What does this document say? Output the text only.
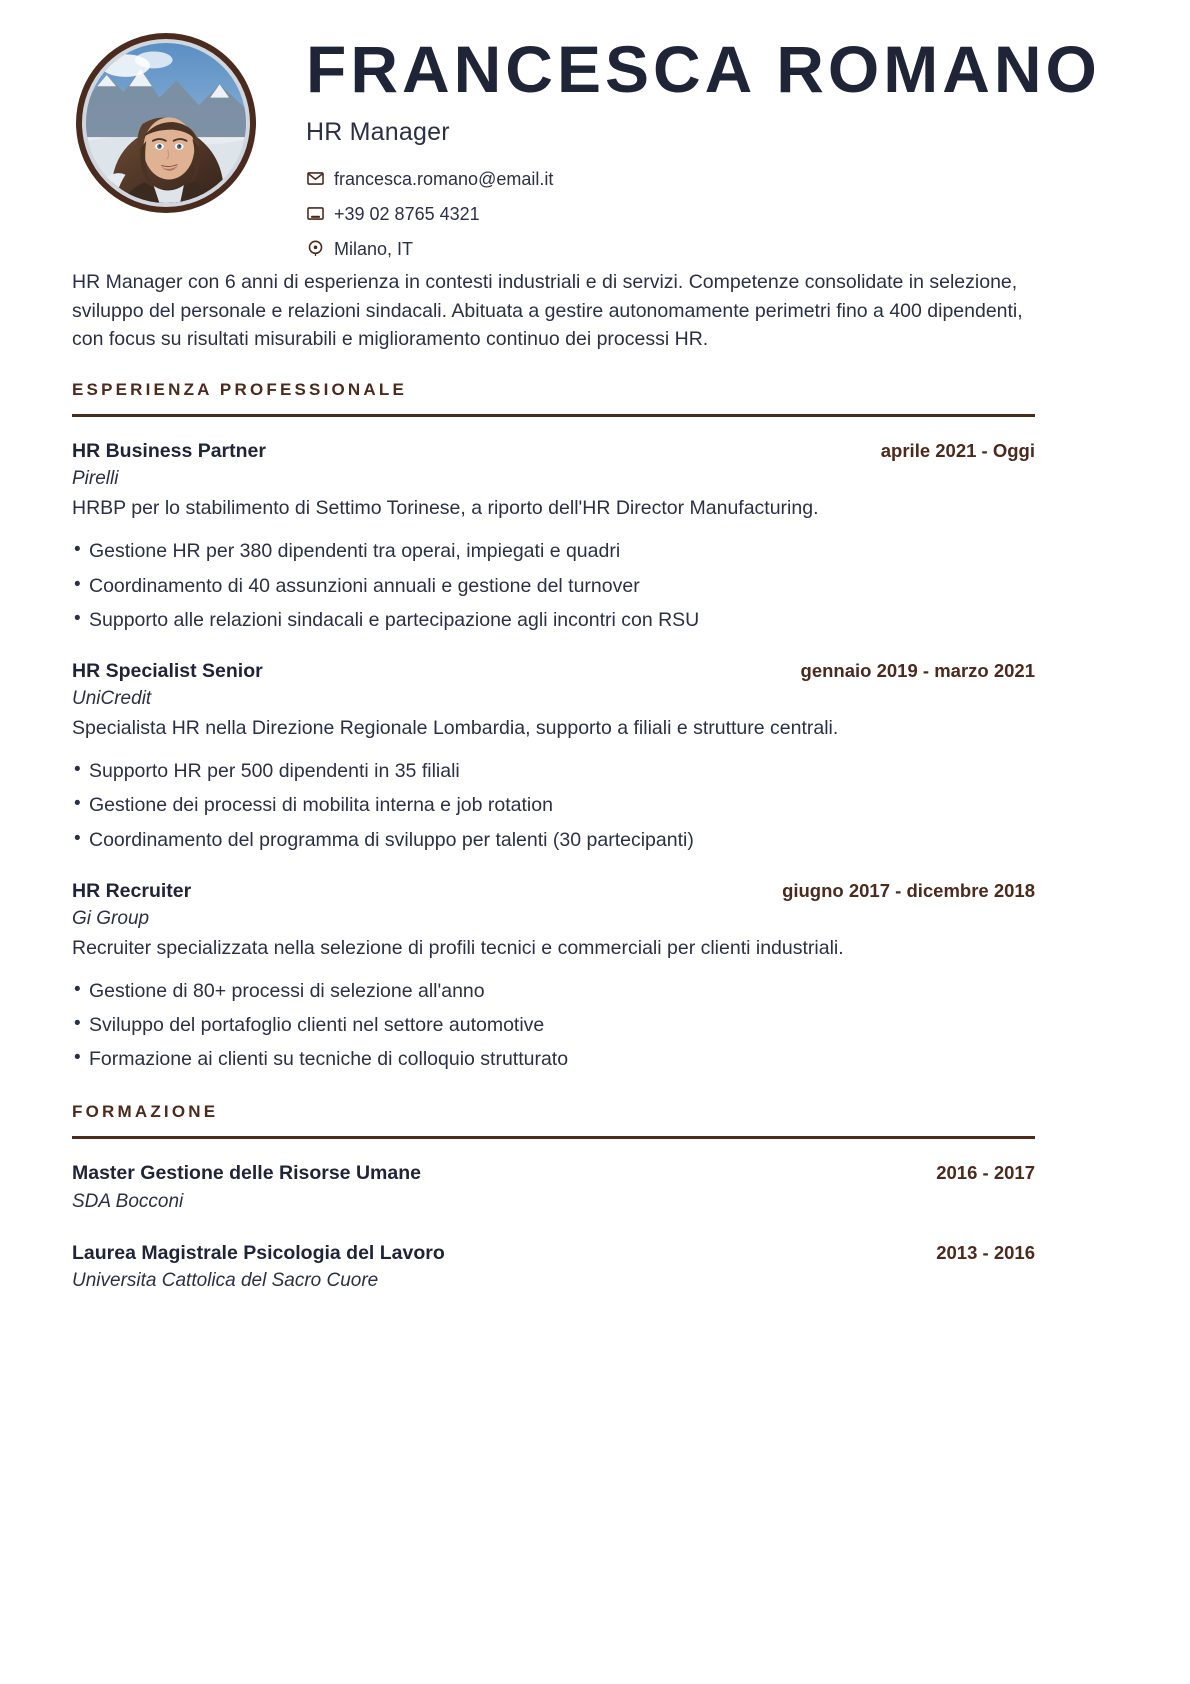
FRANCESCA ROMANO
HR Manager
francesca.romano@email.it
+39 02 8765 4321
Milano, IT

HR Manager con 6 anni di esperienza in contesti industriali e di servizi. Competenze consolidate in selezione, sviluppo del personale e relazioni sindacali. Abituata a gestire autonomamente perimetri fino a 400 dipendenti, con focus su risultati misurabili e miglioramento continuo dei processi HR.

ESPERIENZA PROFESSIONALE
HR Business Partner	aprile 2021 - Oggi
Pirelli
HRBP per lo stabilimento di Settimo Torinese, a riporto dell'HR Director Manufacturing.
• Gestione HR per 380 dipendenti tra operai, impiegati e quadri
• Coordinamento di 40 assunzioni annuali e gestione del turnover
• Supporto alle relazioni sindacali e partecipazione agli incontri con RSU
HR Specialist Senior	gennaio 2019 - marzo 2021
UniCredit
Specialista HR nella Direzione Regionale Lombardia, supporto a filiali e strutture centrali.
• Supporto HR per 500 dipendenti in 35 filiali
• Gestione dei processi di mobilita interna e job rotation
• Coordinamento del programma di sviluppo per talenti (30 partecipanti)
HR Recruiter	giugno 2017 - dicembre 2018
Gi Group
Recruiter specializzata nella selezione di profili tecnici e commerciali per clienti industriali.
• Gestione di 80+ processi di selezione all'anno
• Sviluppo del portafoglio clienti nel settore automotive
• Formazione ai clienti su tecniche di colloquio strutturato
FORMAZIONE
Master Gestione delle Risorse Umane	2016 - 2017
SDA Bocconi
Laurea Magistrale Psicologia del Lavoro	2013 - 2016
Universita Cattolica del Sacro Cuore
